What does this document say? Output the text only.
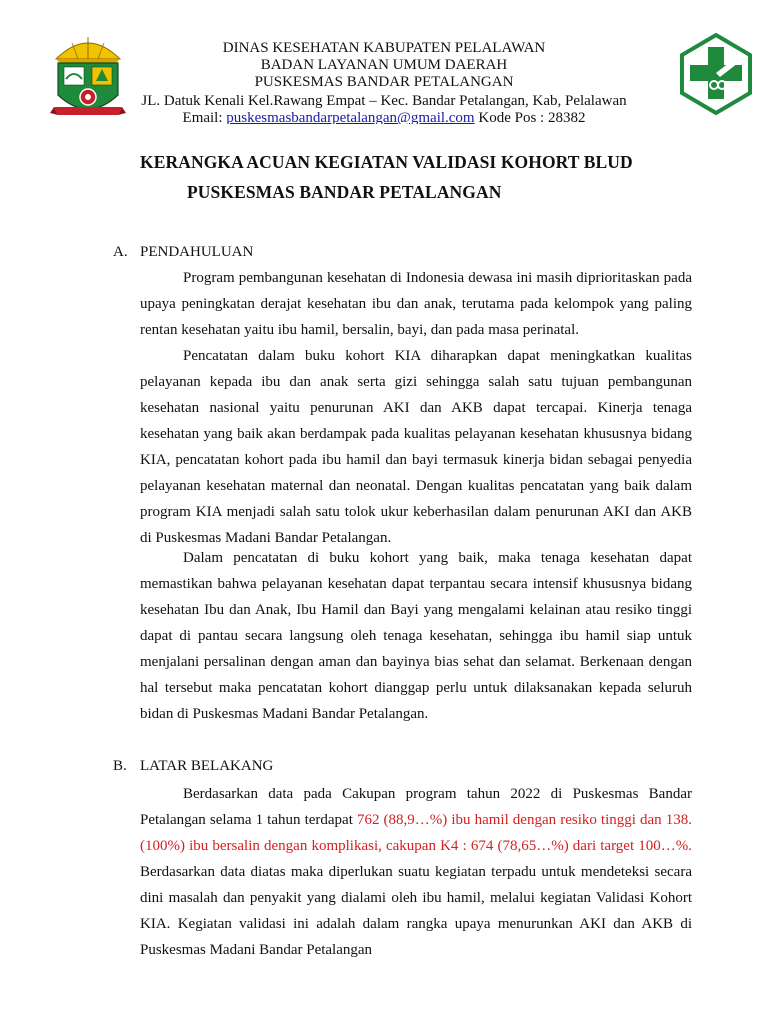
DINAS KESEHATAN KABUPATEN PELALAWAN
BADAN LAYANAN UMUM DAERAH
PUSKESMAS BANDAR PETALANGAN
JL. Datuk Kenali Kel.Rawang Empat – Kec. Bandar Petalangan, Kab, Pelalawan
Email: puskesmasbandarpetalangan@gmail.com Kode Pos : 28382
KERANGKA ACUAN KEGIATAN VALIDASI KOHORT BLUD
PUSKESMAS BANDAR PETALANGAN
A. PENDAHULUAN
Program pembangunan kesehatan di Indonesia dewasa ini masih diprioritaskan pada
upaya peningkatan derajat kesehatan ibu dan anak, terutama pada kelompok yang paling
rentan kesehatan yaitu ibu hamil, bersalin, bayi, dan pada masa perinatal.
Pencatatan dalam buku kohort KIA diharapkan dapat meningkatkan kualitas
pelayanan kepada ibu dan anak serta gizi sehingga salah satu tujuan pembangunan
kesehatan nasional yaitu penurunan AKI dan AKB dapat tercapai. Kinerja tenaga
kesehatan yang baik akan berdampak pada kualitas pelayanan kesehatan khususnya bidang
KIA, pencatatan kohort pada ibu hamil dan bayi termasuk kinerja bidan sebagai penyedia
pelayanan kesehatan maternal dan neonatal. Dengan kualitas pencatatan yang baik dalam
program KIA menjadi salah satu tolok ukur keberhasilan dalam penurunan AKI dan AKB
di Puskesmas Madani Bandar Petalangan.
Dalam pencatatan di buku kohort yang baik, maka tenaga kesehatan dapat
memastikan bahwa pelayanan kesehatan dapat terpantau secara intensif khususnya bidang
kesehatan Ibu dan Anak, Ibu Hamil dan Bayi yang mengalami kelainan atau resiko tinggi
dapat di pantau secara langsung oleh tenaga kesehatan, sehingga ibu hamil siap untuk
menjalani persalinan dengan aman dan bayinya bias sehat dan selamat. Berkenaan dengan
hal tersebut maka pencatatan kohort dianggap perlu untuk dilaksanakan kepada seluruh
bidan di Puskesmas Madani Bandar Petalangan.
B. LATAR BELAKANG
Berdasarkan data pada Cakupan program tahun 2022 di Puskesmas Bandar
Petalangan selama 1 tahun terdapat 762 (88,9…%) ibu hamil dengan resiko tinggi dan 138.
(100%) ibu bersalin dengan komplikasi, cakupan K4 : 674 (78,65…%) dari target 100…%.
Berdasarkan data diatas maka diperlukan suatu kegiatan terpadu untuk mendeteksi secara
dini masalah dan penyakit yang dialami oleh ibu hamil, melalui kegiatan Validasi Kohort
KIA. Kegiatan validasi ini adalah dalam rangka upaya menurunkan AKI dan AKB di
Puskesmas Madani Bandar Petalangan
